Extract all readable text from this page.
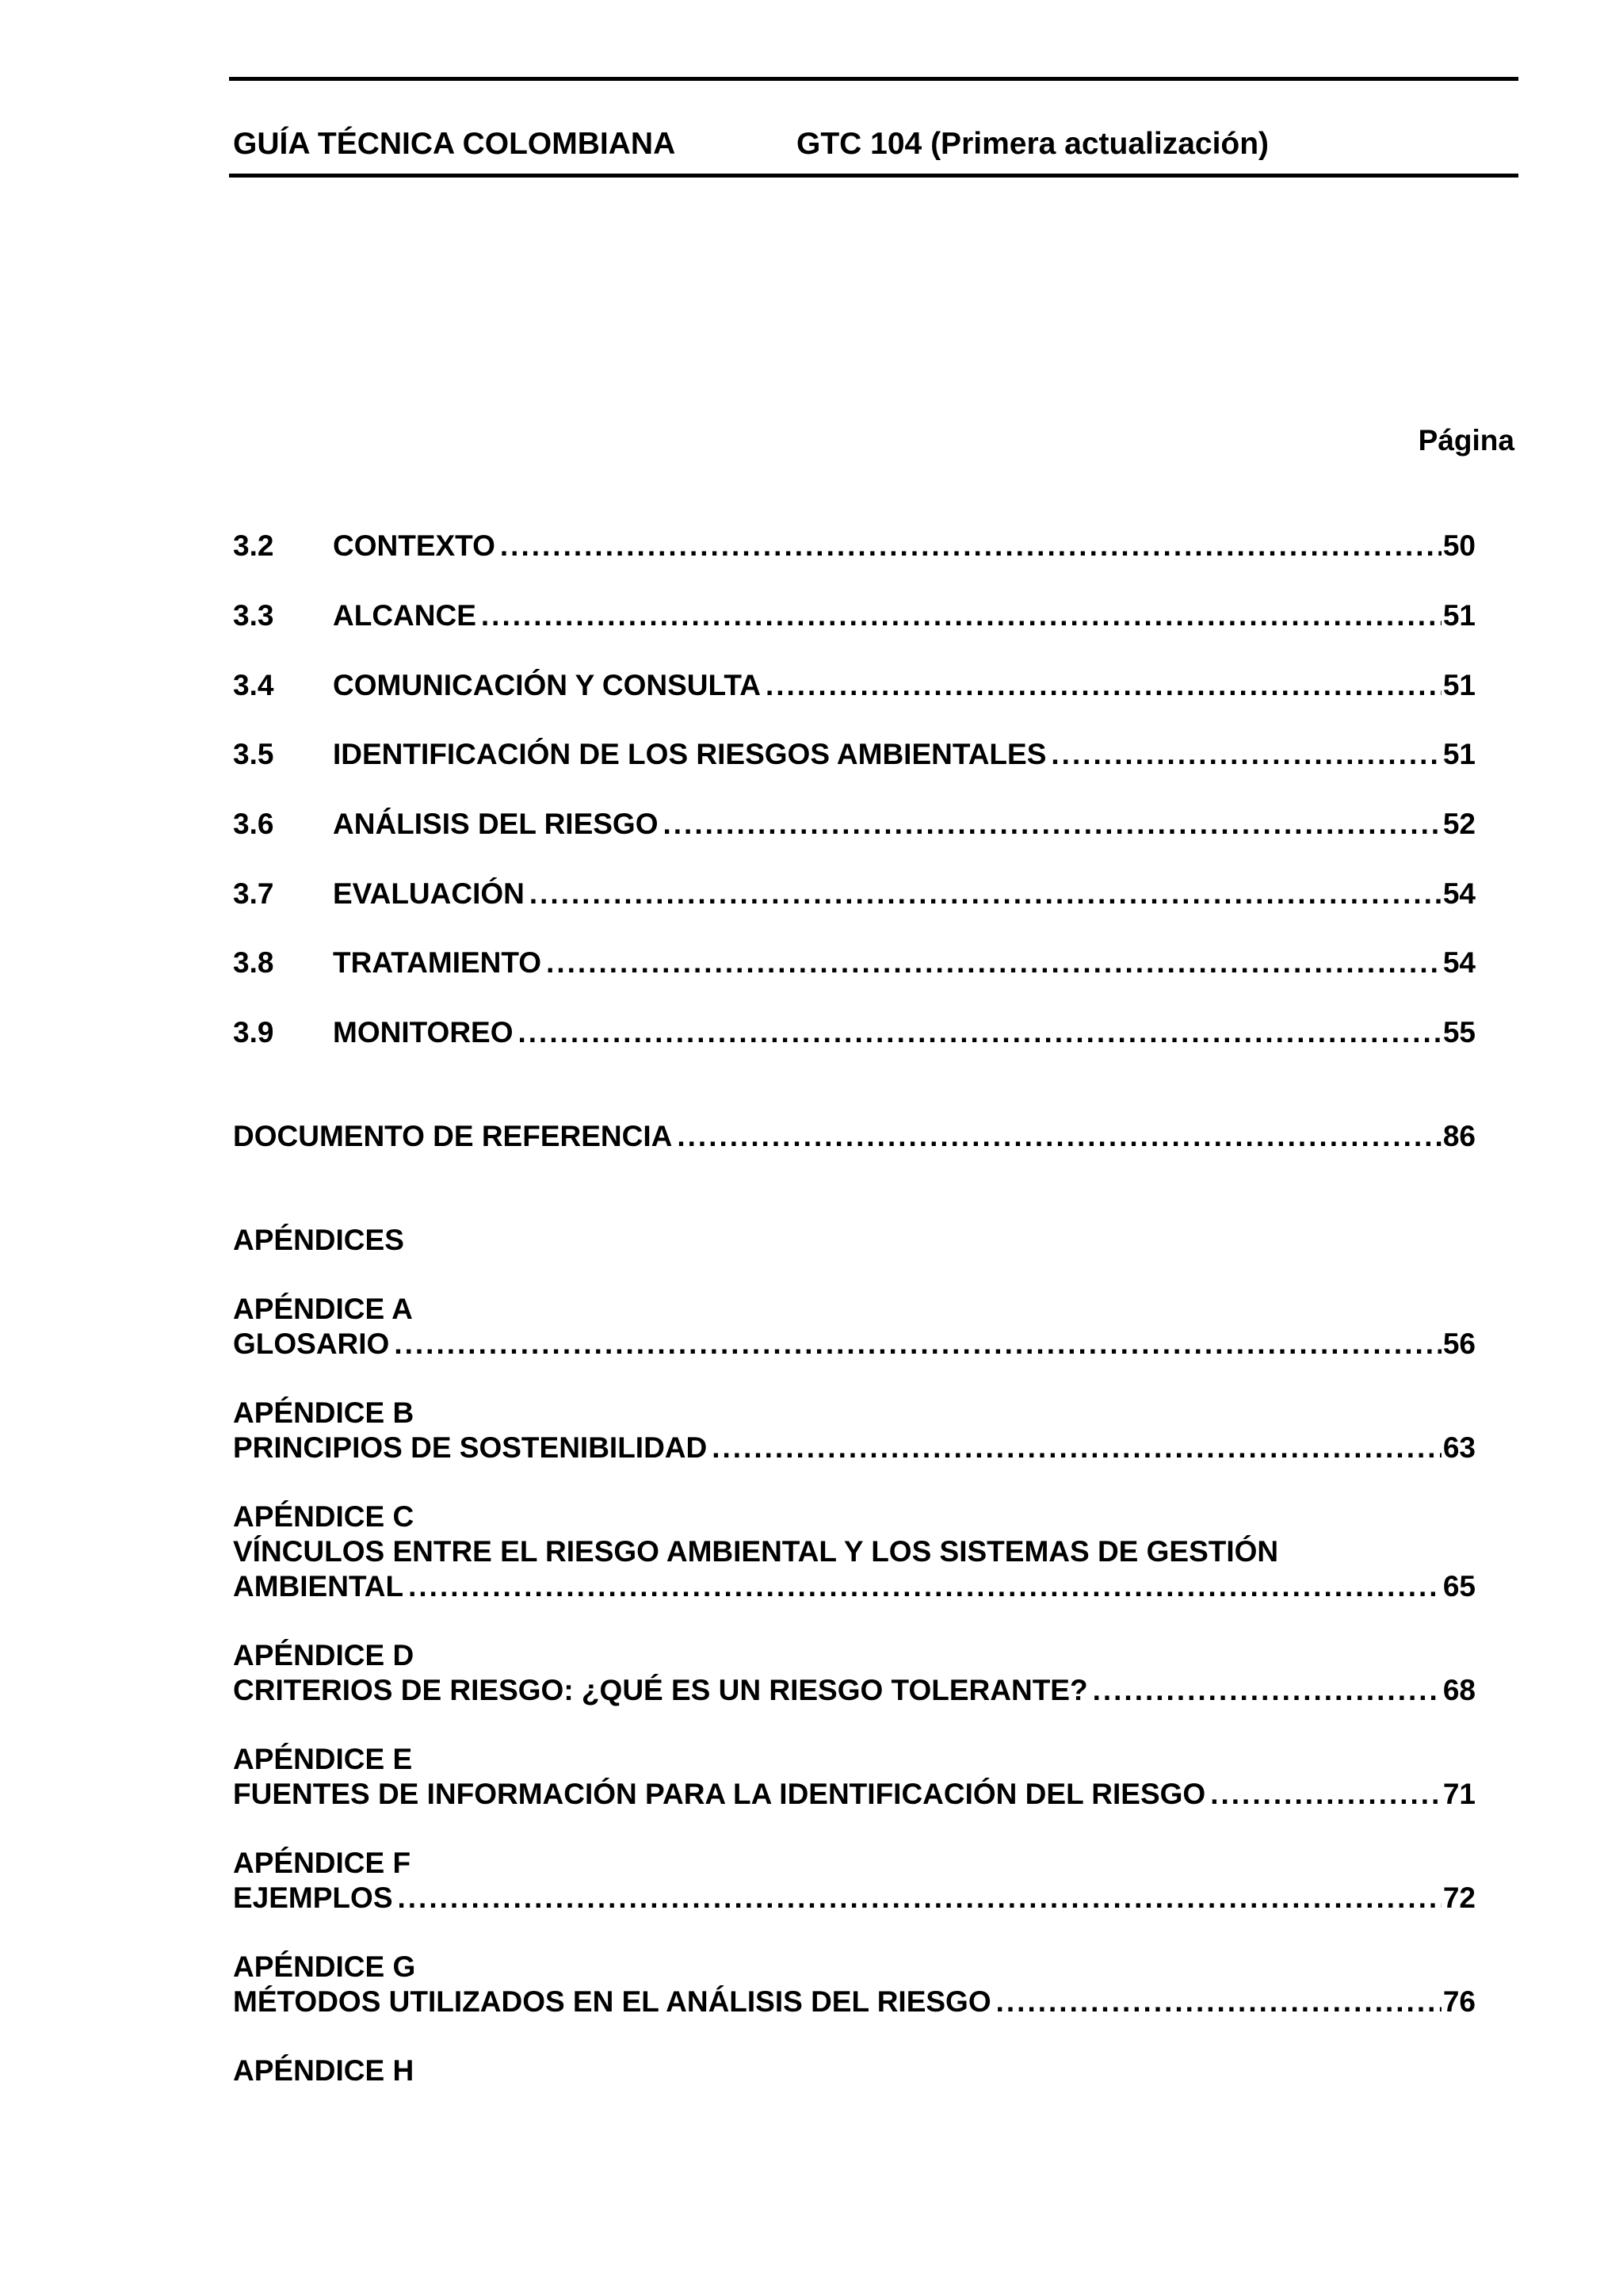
GUÍA TÉCNICA COLOMBIANA	GTC 104 (Primera actualización)
Página
3.2	CONTEXTO .....	50
3.3	ALCANCE .....	51
3.4	COMUNICACIÓN Y CONSULTA .....	51
3.5	IDENTIFICACIÓN DE LOS RIESGOS AMBIENTALES .....	51
3.6	ANÁLISIS DEL RIESGO .....	52
3.7	EVALUACIÓN .....	54
3.8	TRATAMIENTO .....	54
3.9	MONITOREO .....	55
DOCUMENTO DE REFERENCIA .....	86
APÉNDICES
APÉNDICE A
GLOSARIO .....	56
APÉNDICE B
PRINCIPIOS DE SOSTENIBILIDAD .....	63
APÉNDICE C
VÍNCULOS ENTRE EL RIESGO AMBIENTAL Y LOS SISTEMAS DE GESTIÓN
AMBIENTAL .....	65
APÉNDICE D
CRITERIOS DE RIESGO: ¿QUÉ ES UN RIESGO TOLERANTE? .....	68
APÉNDICE E
FUENTES DE INFORMACIÓN PARA LA IDENTIFICACIÓN DEL RIESGO .....	71
APÉNDICE F
EJEMPLOS .....	72
APÉNDICE G
MÉTODOS UTILIZADOS EN EL ANÁLISIS DEL RIESGO .....	76
APÉNDICE H
